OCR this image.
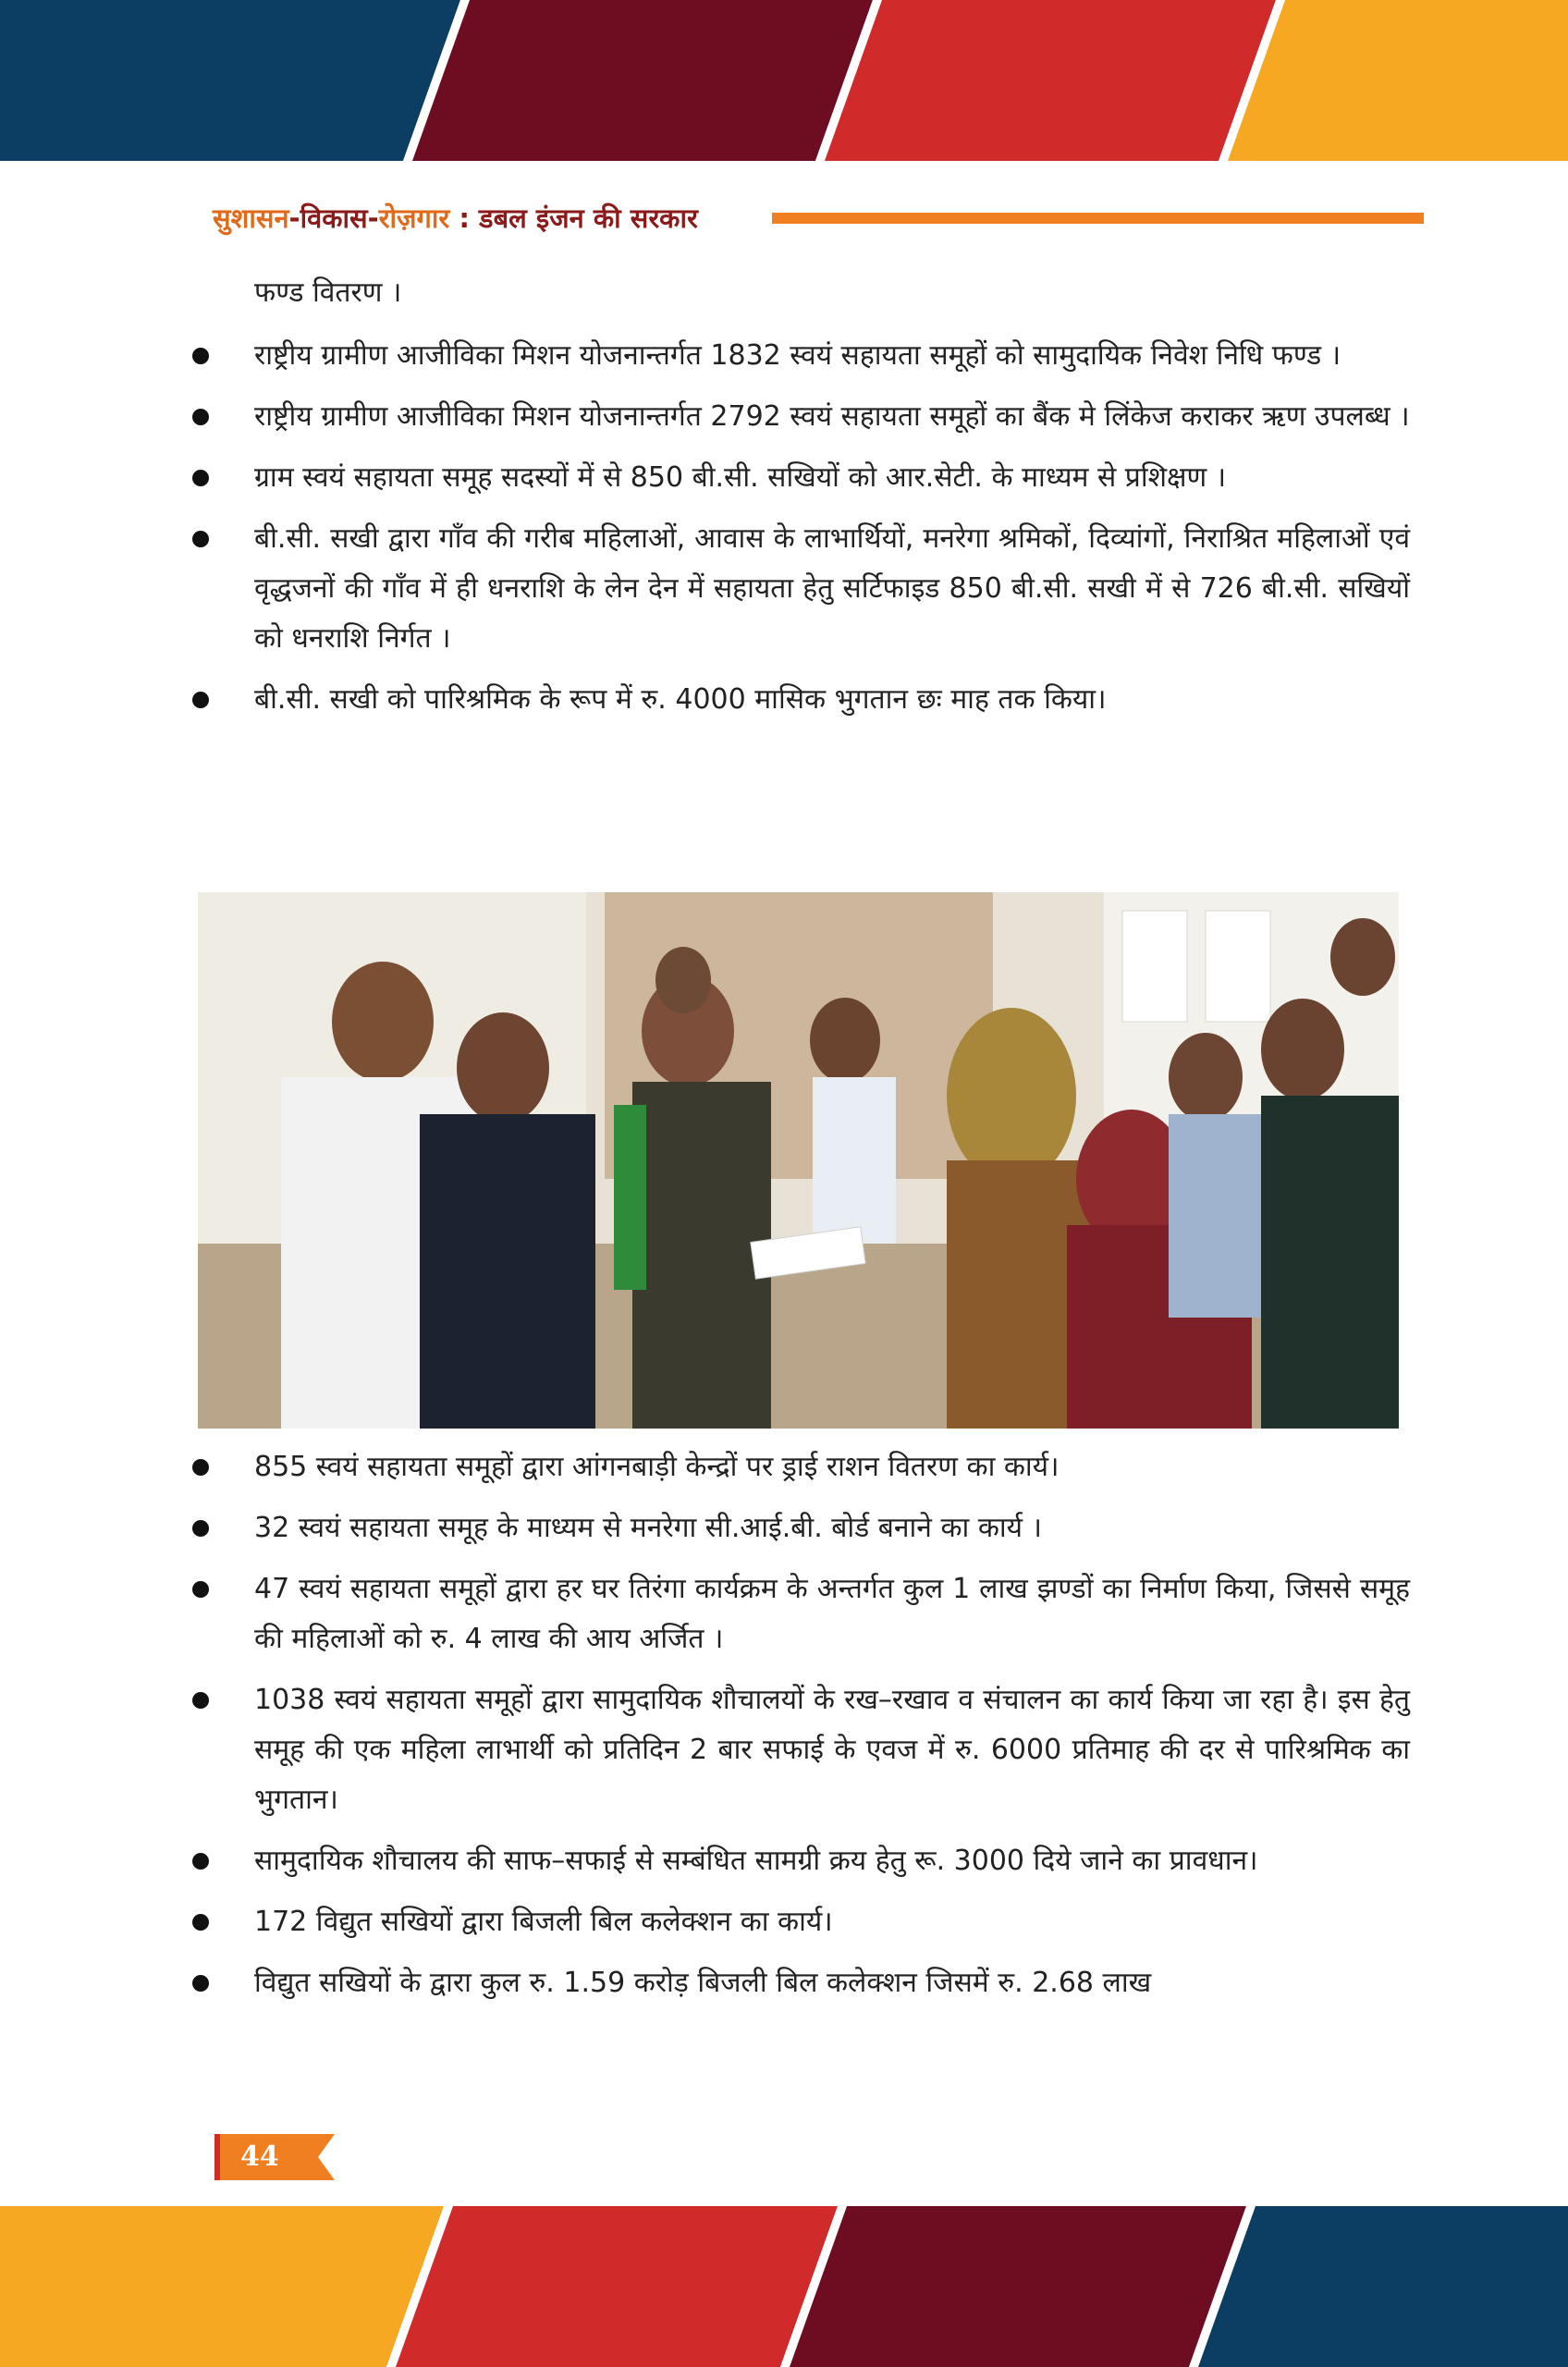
सुशासन-विकास-रोज़गार : डबल इंजन की सरकार
फण्ड वितरण ।
राष्ट्रीय ग्रामीण आजीविका मिशन योजनान्तर्गत 1832 स्वयं सहायता समूहों को सामुदायिक निवेश निधि फण्ड ।
राष्ट्रीय ग्रामीण आजीविका मिशन योजनान्तर्गत 2792 स्वयं सहायता समूहों का बैंक मे लिंकेज कराकर ऋण उपलब्ध ।
ग्राम स्वयं सहायता समूह सदस्यों में से 850 बी.सी. सखियों को आर.सेटी. के माध्यम से प्रशिक्षण ।
बी.सी. सखी द्वारा गाँव की गरीब महिलाओं, आवास के लाभार्थियों, मनरेगा श्रमिकों, दिव्यांगों, निराश्रित महिलाओं एवं वृद्धजनों की गाँव में ही धनराशि के लेन देन में सहायता हेतु सर्टिफाइड 850 बी.सी. सखी में से 726 बी.सी. सखियों को धनराशि निर्गत ।
बी.सी. सखी को पारिश्रमिक के रूप में रु. 4000 मासिक भुगतान छः माह तक किया।
855 स्वयं सहायता समूहों द्वारा आंगनबाड़ी केन्द्रों पर ड्राई राशन वितरण का कार्य।
32 स्वयं सहायता समूह के माध्यम से मनरेगा सी.आई.बी. बोर्ड बनाने का कार्य ।
47 स्वयं सहायता समूहों द्वारा हर घर तिरंगा कार्यक्रम के अन्तर्गत कुल 1 लाख झण्डों का निर्माण किया, जिससे समूह की महिलाओं को रु. 4 लाख की आय अर्जित ।
1038 स्वयं सहायता समूहों द्वारा सामुदायिक शौचालयों के रख–रखाव व संचालन का कार्य किया जा रहा है। इस हेतु समूह की एक महिला लाभार्थी को प्रतिदिन 2 बार सफाई के एवज में रु. 6000 प्रतिमाह की दर से पारिश्रमिक का भुगतान।
सामुदायिक शौचालय की साफ–सफाई से सम्बंधित सामग्री क्रय हेतु रू. 3000 दिये जाने का प्रावधान।
172 विद्युत सखियों द्वारा बिजली बिल कलेक्शन का कार्य।
विद्युत सखियों के द्वारा कुल रु. 1.59 करोड़ बिजली बिल कलेक्शन जिसमें रु. 2.68 लाख
44
